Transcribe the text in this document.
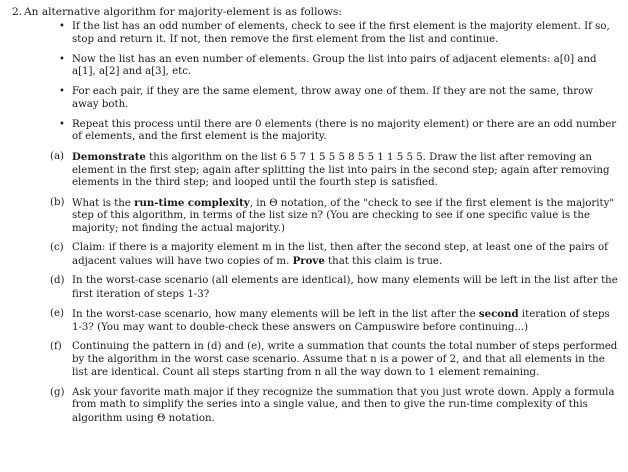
2. An alternative algorithm for majority-element is as follows:
• If the list has an odd number of elements, check to see if the first element is the majority element. If so, stop and return it. If not, then remove the first element from the list and continue.
• Now the list has an even number of elements. Group the list into pairs of adjacent elements: a[0] and a[1], a[2] and a[3], etc.
• For each pair, if they are the same element, throw away one of them. If they are not the same, throw away both.
• Repeat this process until there are 0 elements (there is no majority element) or there are an odd number of elements, and the first element is the majority.
(a) Demonstrate this algorithm on the list 6 5 7 1 5 5 5 8 5 5 1 1 5 5 5. Draw the list after removing an element in the first step; again after splitting the list into pairs in the second step; again after removing elements in the third step; and looped until the fourth step is satisfied.
(b) What is the run-time complexity, in Θ notation, of the "check to see if the first element is the majority" step of this algorithm, in terms of the list size n? (You are checking to see if one specific value is the majority; not finding the actual majority.)
(c) Claim: if there is a majority element m in the list, then after the second step, at least one of the pairs of adjacent values will have two copies of m. Prove that this claim is true.
(d) In the worst-case scenario (all elements are identical), how many elements will be left in the list after the first iteration of steps 1-3?
(e) In the worst-case scenario, how many elements will be left in the list after the second iteration of steps 1-3? (You may want to double-check these answers on Campuswire before continuing...)
(f) Continuing the pattern in (d) and (e), write a summation that counts the total number of steps performed by the algorithm in the worst case scenario. Assume that n is a power of 2, and that all elements in the list are identical. Count all steps starting from n all the way down to 1 element remaining.
(g) Ask your favorite math major if they recognize the summation that you just wrote down. Apply a formula from math to simplify the series into a single value, and then to give the run-time complexity of this algorithm using Θ notation.
